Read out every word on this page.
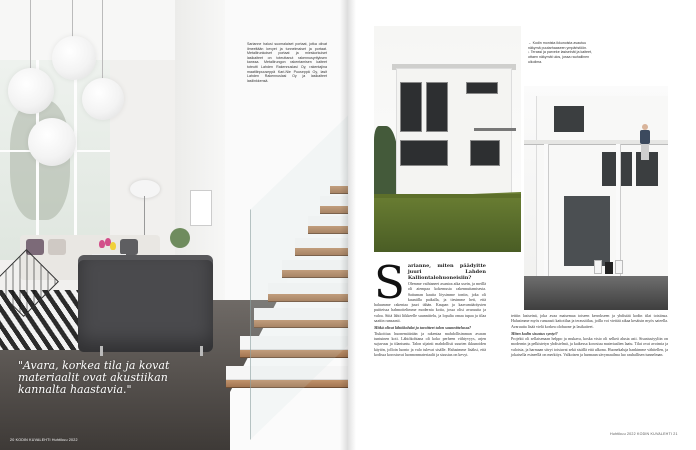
Sarianne halusi suomalaiset portaat, jotka olivat ilmeeltään kevyet ja tunnelmaiset ja portaat. Metallirunkoiset portaat ja mieskorkuiset lasikaiteet on toteuttanut rakennusyrityksen kanssa. Metallirungon rakentamisen kaiteet toteutti Lahden Rakennuslasi Oy, rakentajina maatilinpuuseppä Kari-Nie Puuseppä Oy, lasit Lahden Rakennuslasi Oy ja lasikaiteet lasilinkkensä.
"Avara, korkea tila ja kovat materiaalit ovat akustiikan kannalta haastavia."
20 KODIN KUVALEHTI Huhtikuu 2022
← Kodin monista ikkunoista avautuu näkymä puutarhaaseen ympäristöön.
↓ Terassi ja parveke lasiseinät ja kaiteet, ottaen näkymät ulos, jossa rauhallinen ulkoilma.
S arianne, miten päädyitte juuri Lahden Kalliontalohuoneisiin?

Olemme vaihtaneet asuntoa aika usein, ja meillä oli aiempaa kokemusta rakennuttamisesta. Sattuman kautta löysimme tontin, joka oli kauniilla paikalla, ja tiesimme heti, että haluamme rakentaa juuri tähän. Kaupan ja kaavamääräysten puitteissa hahmottelimme modernia kotia, jossa olisi avaruutta ja valoa. Siitä lähti liikkeelle suunnittelu, ja lopulta omaa tupaa ja tilaa saatiin runsaasti.

Mitkä olivat lähtökohdat ja tavoitteet talon suunnittelussa?

Tiukoittua huonemäärään ja rakentaa mahdollisimman avaran tuntuinen koti. Lähtökohtana oli koko perheen viihtyvyys, arjen sujuvuus ja tilantuntu. Talon sijainti mahdollisti suurten ikkunoiden käytön, jolloin luonto ja valo tulevat sisälle. Halusimme lisäksi, että kodissa korostuvat luonnonmateriaalit ja sisustus on kevyt.

tettiin lasiseinä, joka avaa maisemaa toiseen kerrokseen ja yhdistää kodin tilat toisiinsa. Halusimme myös runsaasti kattotilaa ja terassitilaa, joilla voi viettää aikaa kesäisin myös sateella. Avaruutta lisää vielä korkea olohuone ja lasikaiteet.

Miten kodin sisustus syntyi?

Projekti oli sellaisenaan helppo ja mukava, koska visio oli selkeä alusta asti. Sisustustyyliin on modernin ja pelkistetyn yhdistelmä, ja kaikessa korostuu materiaalien laatu. Tilat ovat avoimia ja valoisia, ja harmaan sävyt toistuvat sekä sisällä että ulkona. Huonekaluja hankimme vähitellen, ja jokaisella esineellä on merkitys. Valkoisen ja harmaan sävymaailma luo rauhallisen tunnelman.

Huhtikuu 2022 KODIN KUVALEHTI 21
